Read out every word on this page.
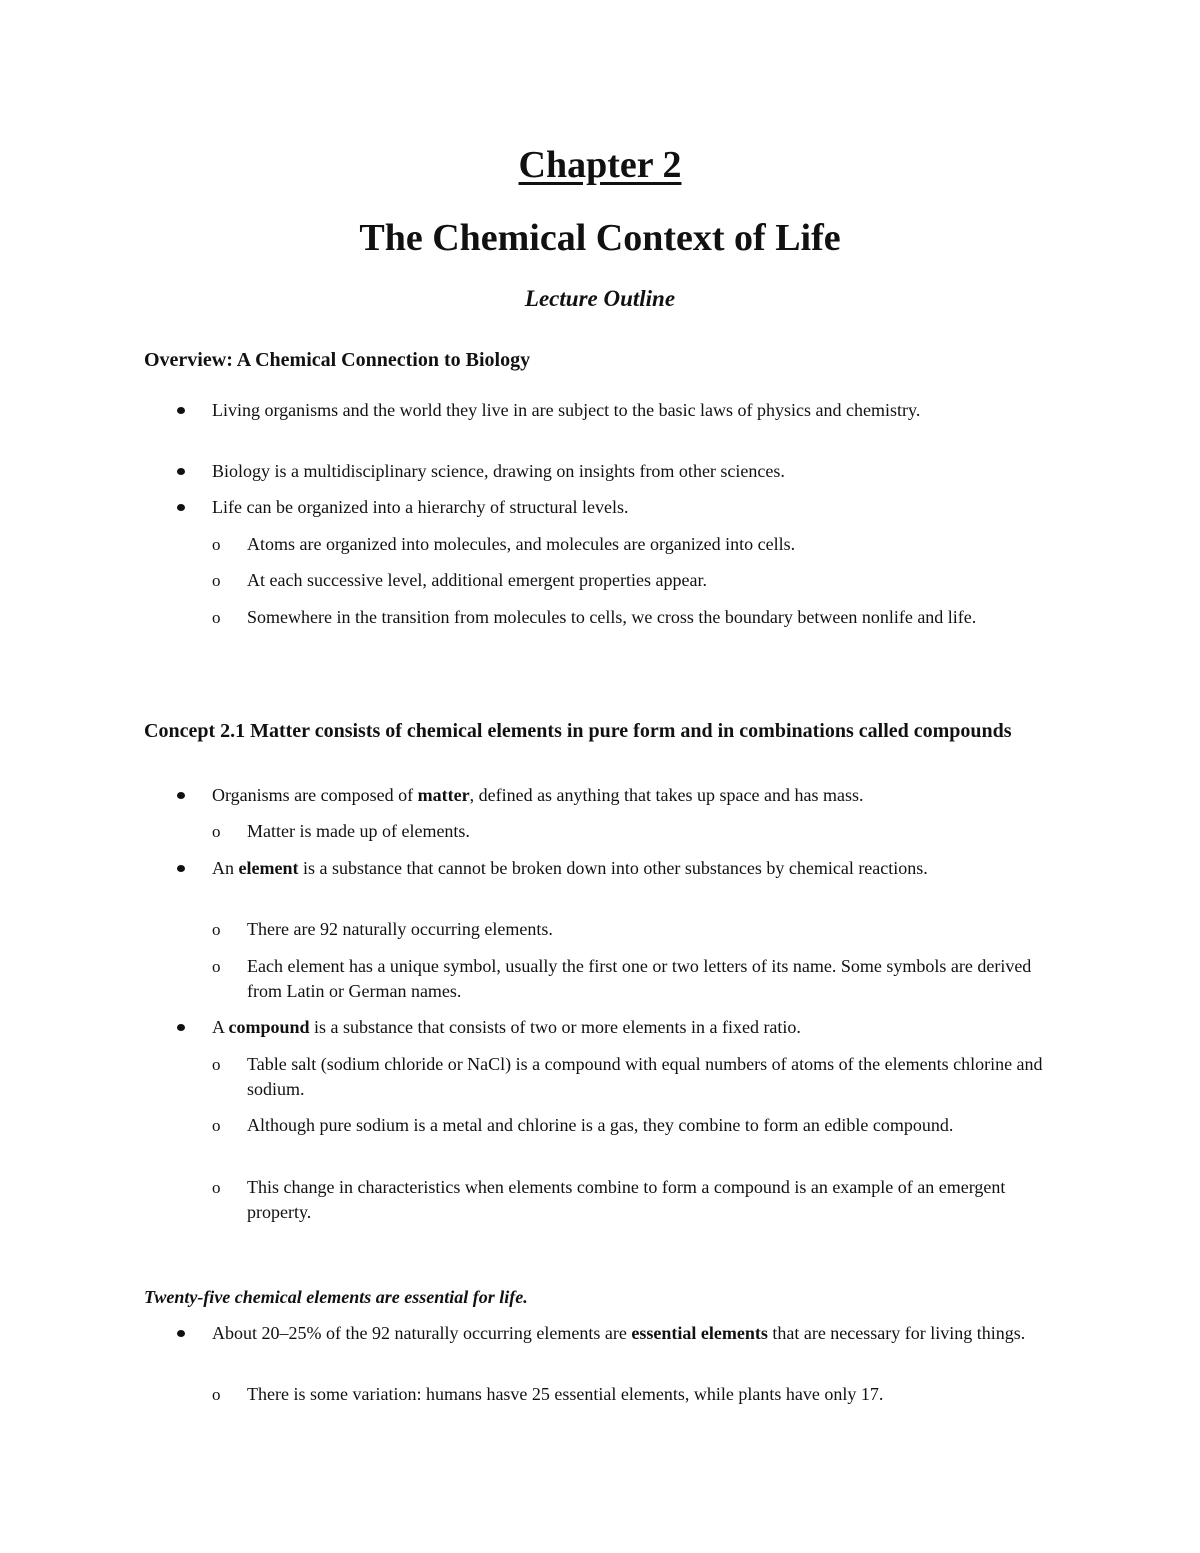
Chapter 2
The Chemical Context of Life
Lecture Outline
Overview: A Chemical Connection to Biology
Living organisms and the world they live in are subject to the basic laws of physics and chemistry.
Biology is a multidisciplinary science, drawing on insights from other sciences.
Life can be organized into a hierarchy of structural levels.
o Atoms are organized into molecules, and molecules are organized into cells.
o At each successive level, additional emergent properties appear.
o Somewhere in the transition from molecules to cells, we cross the boundary between nonlife and life.
Concept 2.1 Matter consists of chemical elements in pure form and in combinations called compounds
Organisms are composed of matter, defined as anything that takes up space and has mass.
o Matter is made up of elements.
An element is a substance that cannot be broken down into other substances by chemical reactions.
o There are 92 naturally occurring elements.
o Each element has a unique symbol, usually the first one or two letters of its name. Some symbols are derived from Latin or German names.
A compound is a substance that consists of two or more elements in a fixed ratio.
o Table salt (sodium chloride or NaCl) is a compound with equal numbers of atoms of the elements chlorine and sodium.
o Although pure sodium is a metal and chlorine is a gas, they combine to form an edible compound.
o This change in characteristics when elements combine to form a compound is an example of an emergent property.
Twenty-five chemical elements are essential for life.
About 20–25% of the 92 naturally occurring elements are essential elements that are necessary for living things.
o There is some variation: humans hasve 25 essential elements, while plants have only 17.
